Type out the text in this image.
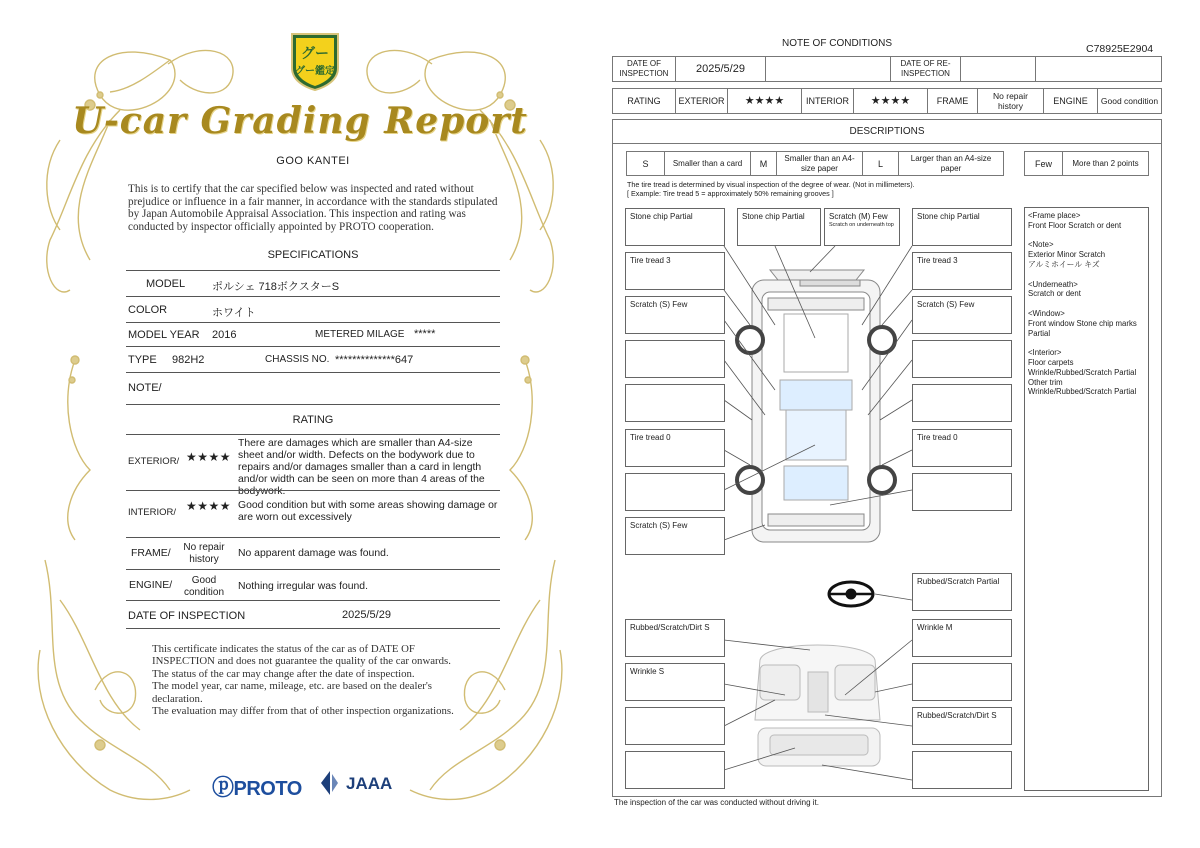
グー
グー鑑定
U-car Grading Report
GOO KANTEI
This is to certify that the car specified below was inspected and rated without prejudice or influence in a fair manner, in accordance with the standards stipulated by Japan Automobile Appraisal Association. This inspection and rating was conducted by inspector officially appointed by PROTO cooperation.
SPECIFICATIONS
MODEL ポルシェ 718ボクスターS
COLOR	ホワイト
MODEL YEAR 2016	METERED MILAGE *****
TYPE 982H2	CHASSIS NO. **************647
NOTE/
RATING
EXTERIOR/ ★★★★
There are damages which are smaller than A4-size sheet and/or width. Defects on the bodywork due to repairs and/or damages smaller than a card in length and/or width can be seen on more than 4 areas of the bodywork.
INTERIOR/ ★★★★ Good condition but with some areas showing damage or are worn out excessively
FRAME/	No repair history
No apparent damage was found.
ENGINE/	Good condition
Nothing irregular was found.
DATE OF INSPECTION	2025/5/29
This certificate indicates the status of the car as of DATE OF
INSPECTION and does not guarantee the quality of the car onwards.
The status of the car may change after the date of inspection.
The model year, car name, mileage, etc. are based on the dealer's
declaration.
The evaluation may differ from that of other inspection organizations.
ⓟPROTO	JAAA
NOTE OF CONDITIONS	C78925E2904
DATE OF INSPECTION	2025/5/29		DATE OF RE-INSPECTION		
RATING	EXTERIOR	★★★★	INTERIOR	★★★★	FRAME	No repair history	ENGINE	Good condition
DESCRIPTIONS
S	Smaller than a card	M	Smaller than an A4-size paper	L	Larger than an A4-size paper	Few	More than 2 points
The tire tread is determined by visual inspection of the degree of wear. (Not in millimeters).
[ Example: Tire tread 5 = approximately 50% remaining grooves ]
Stone chip Partial
Tire tread 3
Scratch (S) Few
Tire tread 0
Scratch (S) Few
Rubbed/Scratch/Dirt S
Wrinkle S
Stone chip Partial	Scratch (M) Few
Scratch on underneath top
Stone chip Partial
Tire tread 3
Scratch (S) Few
Tire tread 0
Rubbed/Scratch Partial
Wrinkle M
Rubbed/Scratch/Dirt S
<Frame place>
Front Floor Scratch or dent

<Note>
Exterior Minor Scratch
アルミホイール キズ

<Underneath>
Scratch or dent

<Window>
Front window Stone chip marks Partial

<Interior>
Floor carpets
Wrinkle/Rubbed/Scratch Partial
Other trim
Wrinkle/Rubbed/Scratch Partial
The inspection of the car was conducted without driving it.
